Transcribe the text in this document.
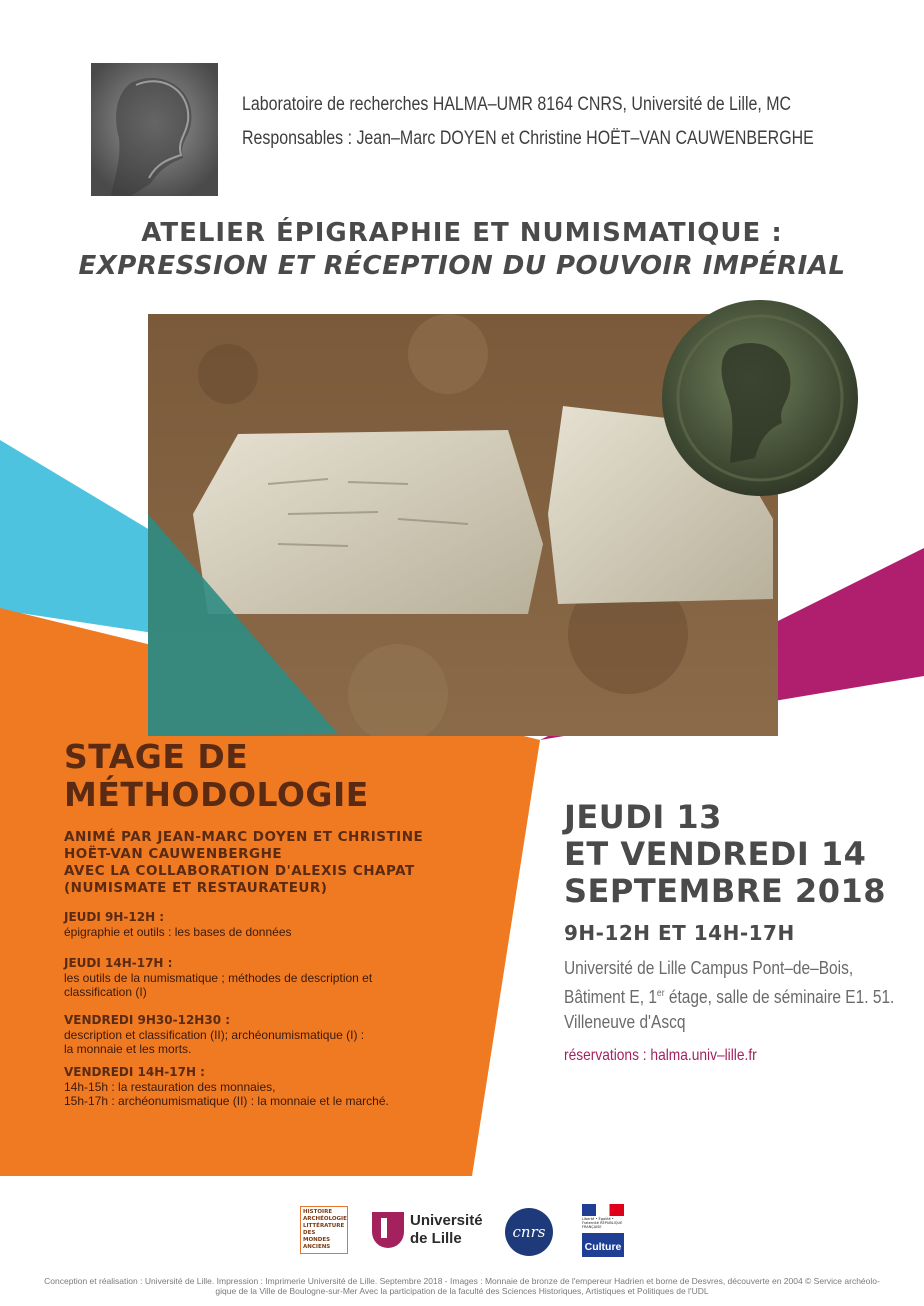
Laboratoire de recherches HALMA–UMR 8164 CNRS, Université de Lille, MC
Responsables : Jean–Marc DOYEN et Christine HOËT–VAN CAUWENBERGHE
ATELIER ÉPIGRAPHIE ET NUMISMATIQUE :
EXPRESSION ET RÉCEPTION DU POUVOIR IMPÉRIAL
STAGE DE
MÉTHODOLOGIE
ANIMÉ PAR JEAN-MARC DOYEN ET CHRISTINE
HOËT-VAN CAUWENBERGHE
AVEC LA COLLABORATION D'ALEXIS CHAPAT
(NUMISMATE ET RESTAURATEUR)
JEUDI 9H-12H :
épigraphie et outils : les bases de données
JEUDI 14H-17H :
les outils de la numismatique ; méthodes de description et
classification (I)
VENDREDI 9H30-12H30 :
description et classification (II); archéonumismatique (I) :
la monnaie et les morts.
VENDREDI 14H-17H :
14h-15h : la restauration des monnaies,
15h-17h : archéonumismatique (II) : la monnaie et le marché.
JEUDI 13
ET VENDREDI 14
SEPTEMBRE 2018
9H-12H ET 14H-17H
Université de Lille Campus Pont–de–Bois,
Bâtiment E, 1er étage, salle de séminaire E1. 51.
Villeneuve d'Ascq
réservations : halma.univ–lille.fr
HISTOIRE
ARCHÉOLOGIE
LITTÉRATURE
DES
MONDES
ANCIENS
Université
de Lille	cnrs
Liberté • Égalité • Fraternité RÉPUBLIQUE FRANÇAISE
Culture
Conception et réalisation : Université de Lille. Impression : Imprimerie Université de Lille. Septembre 2018 - Images : Monnaie de bronze de l'empereur Hadrien et borne de Desvres, découverte en 2004 © Service archéolo-
gique de la Ville de Boulogne-sur-Mer Avec la participation de la faculté des Sciences Historiques, Artistiques et Politiques de l'UDL
